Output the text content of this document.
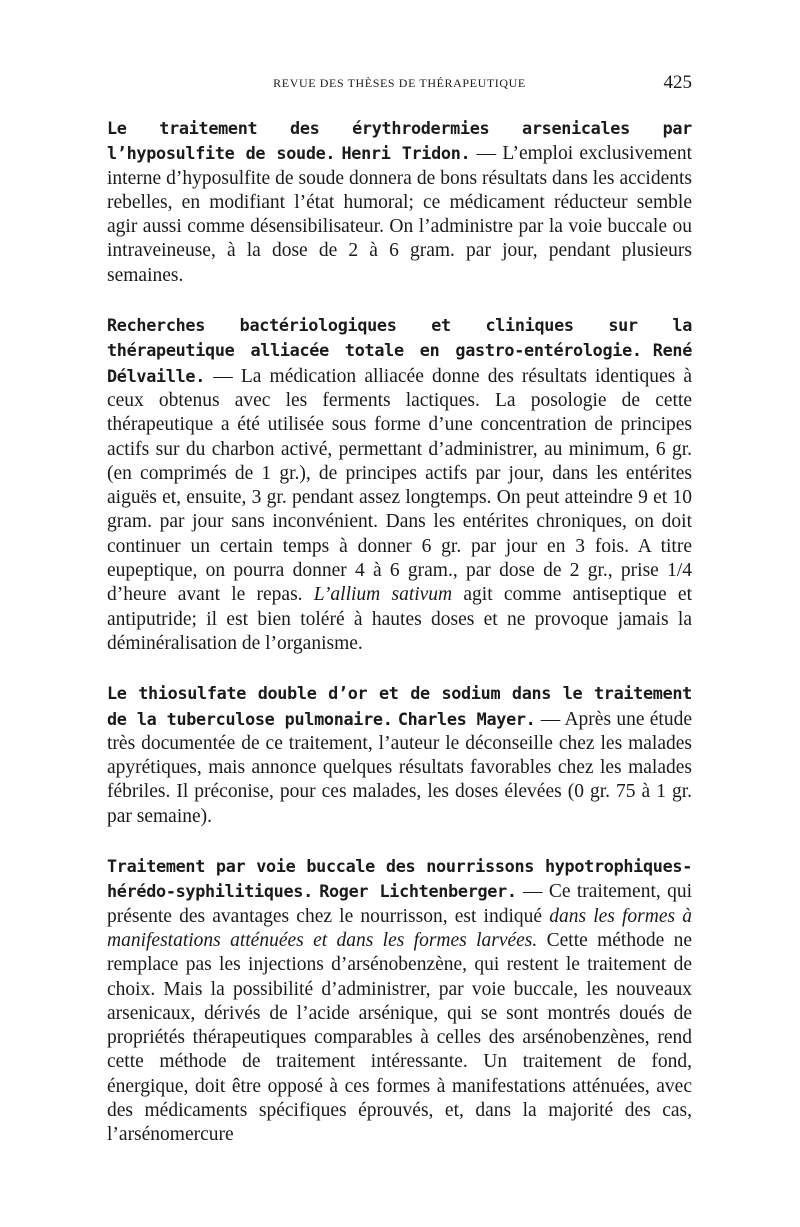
REVUE DES THÈSES DE THÉRAPEUTIQUE	425

Le traitement des érythrodermies arsenicales par l’hyposulfite de soude. Henri Tridon. — L’emploi exclusivement interne d’hyposulfite de soude donnera de bons résultats dans les accidents rebelles, en modifiant l’état humoral; ce médicament réducteur semble agir aussi comme désensibilisateur. On l’administre par la voie buccale ou intraveineuse, à la dose de 2 à 6 gram. par jour, pendant plusieurs semaines.

Recherches bactériologiques et cliniques sur la thérapeutique alliacée totale en gastro-entérologie. René Délvaille. — La médication alliacée donne des résultats identiques à ceux obtenus avec les ferments lactiques. La posologie de cette thérapeutique a été utilisée sous forme d’une concentration de principes actifs sur du charbon activé, permettant d’administrer, au minimum, 6 gr. (en comprimés de 1 gr.), de principes actifs par jour, dans les entérites aiguës et, ensuite, 3 gr. pendant assez longtemps. On peut atteindre 9 et 10 gram. par jour sans inconvénient. Dans les entérites chroniques, on doit continuer un certain temps à donner 6 gr. par jour en 3 fois. A titre eupeptique, on pourra donner 4 à 6 gram., par dose de 2 gr., prise 1/4 d’heure avant le repas. L’allium sativum agit comme antiseptique et antiputride; il est bien toléré à hautes doses et ne provoque jamais la déminéralisation de l’organisme.

Le thiosulfate double d’or et de sodium dans le traitement de la tuberculose pulmonaire. Charles Mayer. — Après une étude très documentée de ce traitement, l’auteur le déconseille chez les malades apyrétiques, mais annonce quelques résultats favorables chez les malades fébriles. Il préconise, pour ces malades, les doses élevées (0 gr. 75 à 1 gr. par semaine).

Traitement par voie buccale des nourrissons hypotrophiques-hérédo-syphilitiques. Roger Lichtenberger. — Ce traitement, qui présente des avantages chez le nourrisson, est indiqué dans les formes à manifestations atténuées et dans les formes larvées. Cette méthode ne remplace pas les injections d’arsénobenzène, qui restent le traitement de choix. Mais la possibilité d’administrer, par voie buccale, les nouveaux arsenicaux, dérivés de l’acide arsénique, qui se sont montrés doués de propriétés thérapeutiques comparables à celles des arsénobenzènes, rend cette méthode de traitement intéressante. Un traitement de fond, énergique, doit être opposé à ces formes à manifestations atténuées, avec des médicaments spécifiques éprouvés, et, dans la majorité des cas, l’arsénomercure
